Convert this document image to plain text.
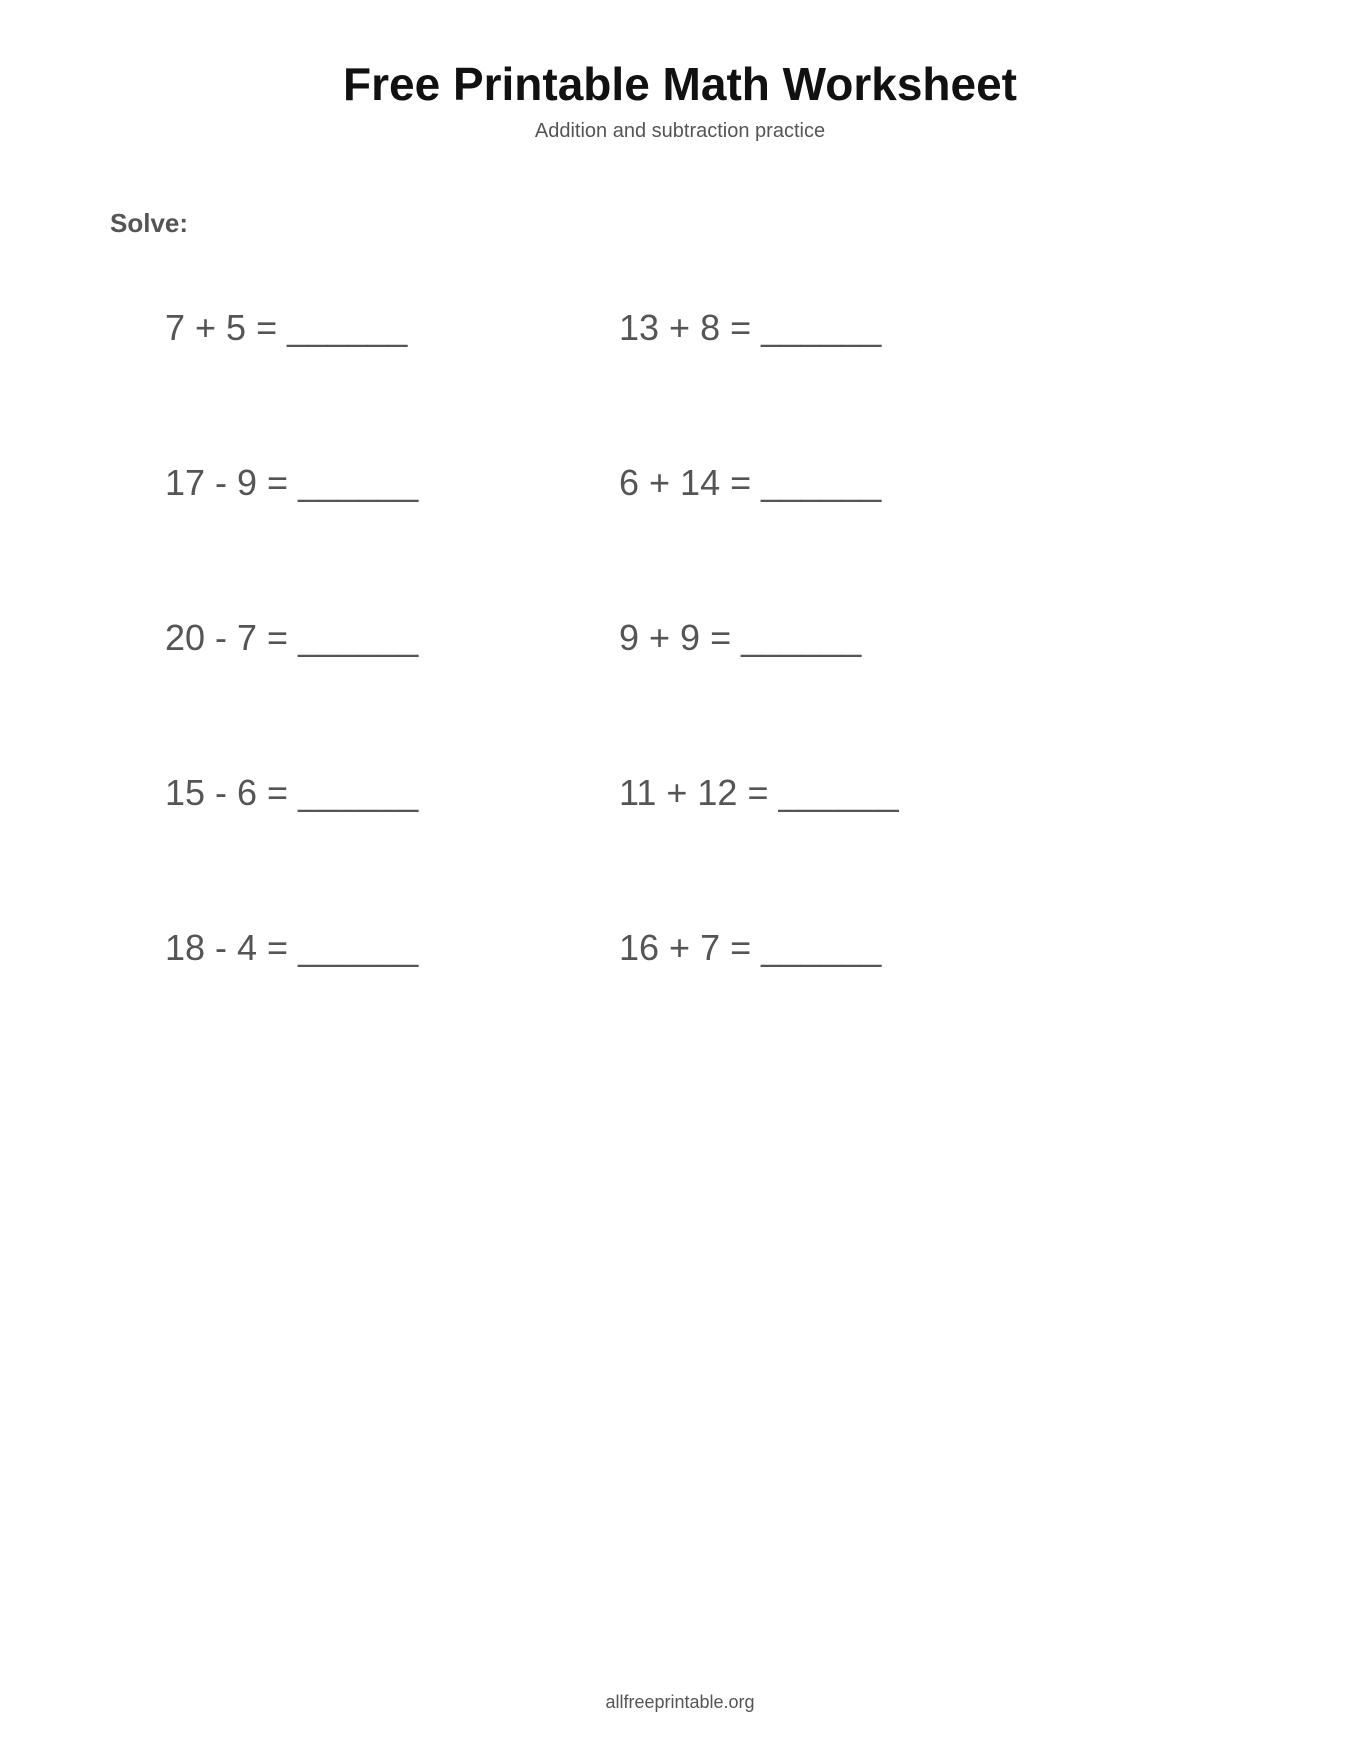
Free Printable Math Worksheet
Addition and subtraction practice
Solve:
7 + 5 = ______	13 + 8 = ______
17 - 9 = ______	6 + 14 = ______
20 - 7 = ______	9 + 9 = ______
15 - 6 = ______	11 + 12 = ______
18 - 4 = ______	16 + 7 = ______
allfreeprintable.org
